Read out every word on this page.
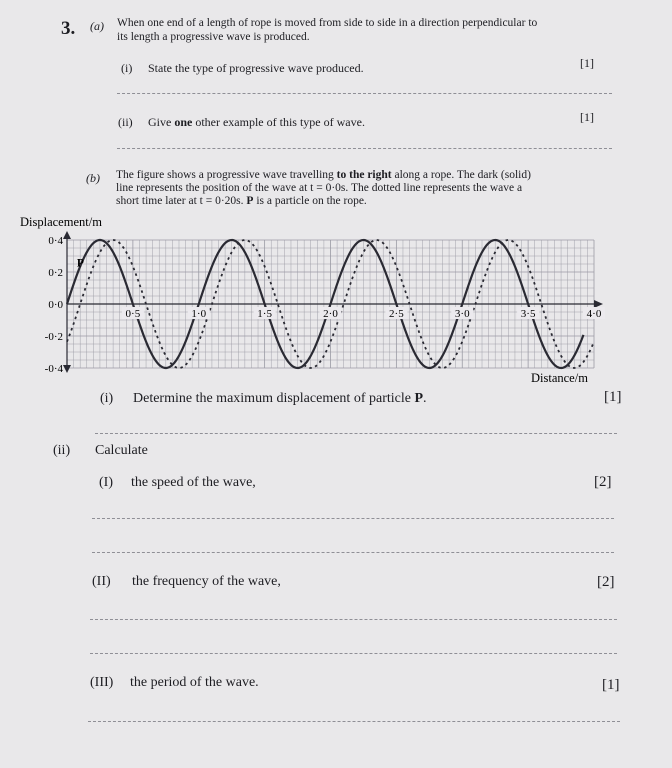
3. (a) When one end of a length of rope is moved from side to side in a direction perpendicular to
its length a progressive wave is produced.
(i) State the type of progressive wave produced.	[1]
(ii) Give one other example of this type of wave.	[1]
(b) The figure shows a progressive wave travelling to the right along a rope. The dark (solid)
line represents the position of the wave at t = 0·0s. The dotted line represents the wave a
short time later at t = 0·20s. P is a particle on the rope.
Displacement/m
Distance/m
0·4
0·2
0·0
-0·2
-0·4
0·5	1·0	1·5	2·0	2·5	3·0	3·5	4·0
P
(i) Determine the maximum displacement of particle P.	[1]
(ii) Calculate
(I) the speed of the wave,	[2]
(II) the frequency of the wave,	[2]
(III) the period of the wave.	[1]
